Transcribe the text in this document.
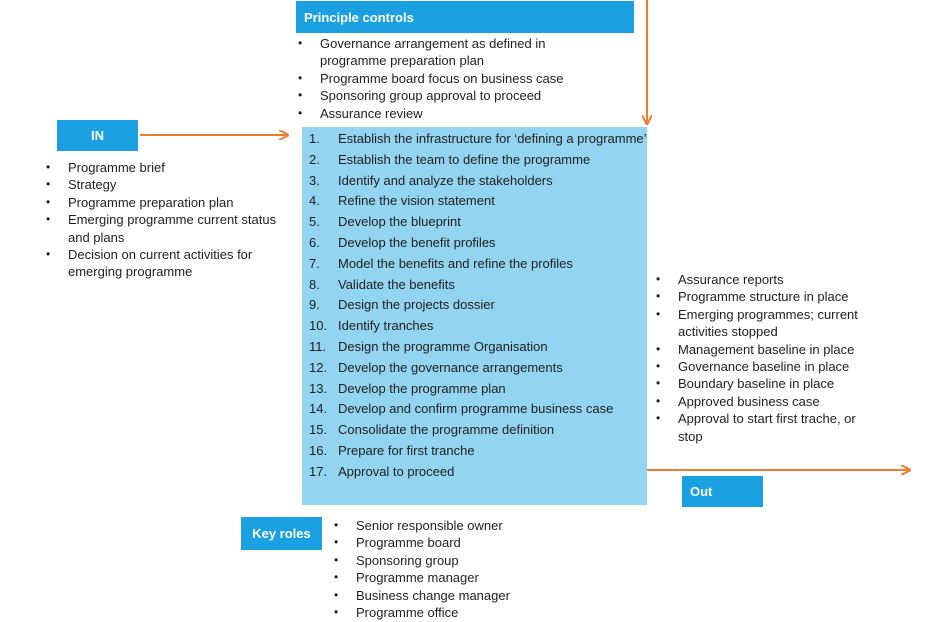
Principle controls
• Governance arrangement as defined in programme preparation plan
• Programme board focus on business case
• Sponsoring group approval to proceed
• Assurance review
IN
• Programme brief
• Strategy
• Programme preparation plan
• Emerging programme current status and plans
• Decision on current activities for emerging programme
1. Establish the infrastructure for ‘defining a programme’
2. Establish the team to define the programme
3. Identify and analyze the stakeholders
4. Refine the vision statement
5. Develop the blueprint
6. Develop the benefit profiles
7. Model the benefits and refine the profiles
8. Validate the benefits
9. Design the projects dossier
10. Identify tranches
11. Design the programme Organisation
12. Develop the governance arrangements
13. Develop the programme plan
14. Develop and confirm programme business case
15. Consolidate the programme definition
16. Prepare for first tranche
17. Approval to proceed
• Assurance reports
• Programme structure in place
• Emerging programmes; current activities stopped
• Management baseline in place
• Governance baseline in place
• Boundary baseline in place
• Approved business case
• Approval to start first trache, or stop
Out
Key roles
• Senior responsible owner
• Programme board
• Sponsoring group
• Programme manager
• Business change manager
• Programme office
